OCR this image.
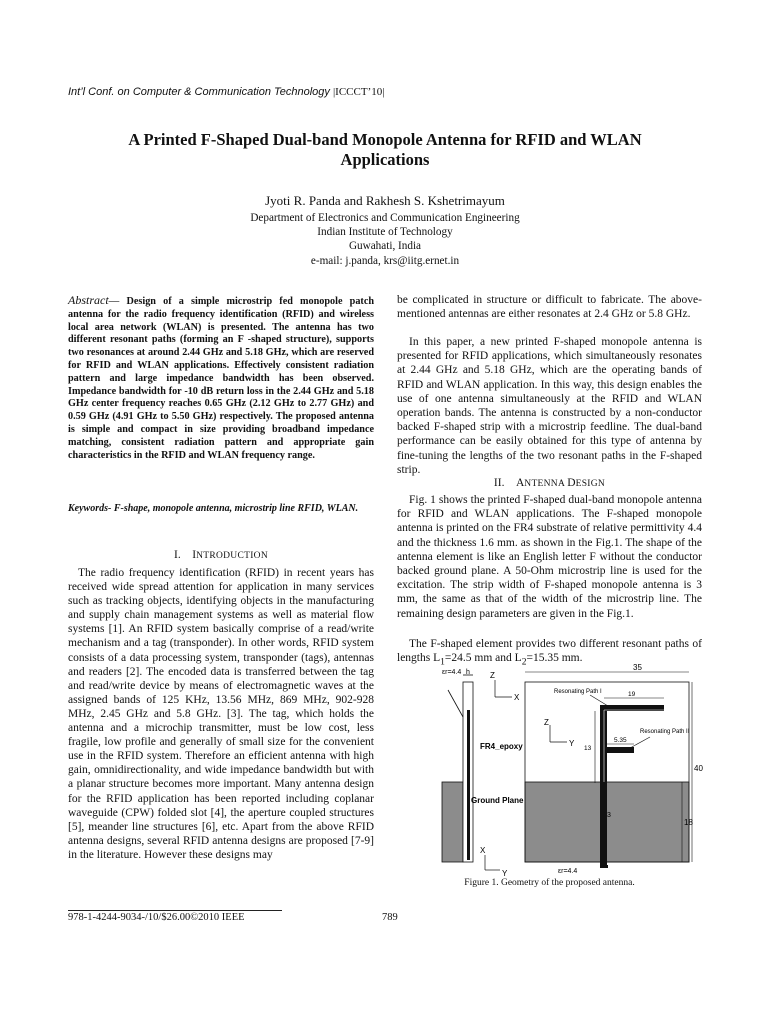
Int’l Conf. on Computer & Communication Technology |ICCCT’10|
A Printed F-Shaped Dual-band Monopole Antenna for RFID and WLAN
Applications
Jyoti R. Panda and Rakhesh S. Kshetrimayum
Department of Electronics and Communication Engineering
Indian Institute of Technology
Guwahati, India
e-mail: j.panda, krs@iitg.ernet.in
Abstract— Design of a simple microstrip fed monopole patch antenna for the radio frequency identification (RFID) and wireless local area network (WLAN) is presented. The antenna has two different resonant paths (forming an F -shaped structure), supports two resonances at around 2.44 GHz and 5.18 GHz, which are reserved for RFID and WLAN applications. Effectively consistent radiation pattern and large impedance bandwidth has been observed. Impedance bandwidth for -10 dB return loss in the 2.44 GHz and 5.18 GHz center frequency reaches 0.65 GHz (2.12 GHz to 2.77 GHz) and 0.59 GHz (4.91 GHz to 5.50 GHz) respectively. The proposed antenna is simple and compact in size providing broadband impedance matching, consistent radiation pattern and appropriate gain characteristics in the RFID and WLAN frequency range.
Keywords- F-shape, monopole antenna, microstrip line RFID, WLAN.
I. INTRODUCTION
The radio frequency identification (RFID) in recent years has received wide spread attention for application in many services such as tracking objects, identifying objects in the manufacturing and supply chain management systems as well as material flow systems [1]. An RFID system basically comprise of a read/write mechanism and a tag (transponder). In other words, RFID system consists of a data processing system, transponder (tags), antennas and readers [2]. The encoded data is transferred between the tag and read/write device by means of electromagnetic waves at the assigned bands of 125 KHz, 13.56 MHz, 869 MHz, 902-928 MHz, 2.45 GHz and 5.8 GHz. [3]. The tag, which holds the antenna and a microchip transmitter, must be low cost, less fragile, low profile and generally of small size for the convenient use in the RFID system. Therefore an efficient antenna with high gain, omnidirectionality, and wide impedance bandwidth but with a planar structure becomes more important. Many antenna design for the RFID application has been reported including coplanar waveguide (CPW) folded slot [4], the aperture coupled structures [5], meander line structures [6], etc. Apart from the above RFID antenna designs, several RFID antenna designs are proposed [7-9] in the literature. However these designs may
be complicated in structure or difficult to fabricate. The above-mentioned antennas are either resonates at 2.4 GHz or 5.8 GHz.
In this paper, a new printed F-shaped monopole antenna is presented for RFID applications, which simultaneously resonates at 2.44 GHz and 5.18 GHz, which are the operating bands of RFID and WLAN application. In this way, this design enables the use of one antenna simultaneously at the RFID and WLAN operation bands. The antenna is constructed by a non-conductor backed F-shaped strip with a microstrip feedline. The dual-band performance can be easily obtained for this type of antenna by fine-tuning the lengths of the two resonant paths in the F-shaped strip.
II. ANTENNA DESIGN
Fig. 1 shows the printed F-shaped dual-band monopole antenna for RFID and WLAN applications. The F-shaped monopole antenna is printed on the FR4 substrate of relative permittivity 4.4 and the thickness 1.6 mm. as shown in the Fig.1. The shape of the antenna element is like an English letter F without the conductor backed ground plane. A 50-Ohm microstrip line is used for the excitation. The strip width of F-shaped monopole antenna is 3 mm, the same as that of the width of the microstrip line. The remaining design parameters are given in the Fig.1.
The F-shaped element provides two different resonant paths of lengths $L_1=24.5$ mm and $L_2=15.35$ mm.
εr=4.4 h	Z
X
35
Resonating Path I	19
Z
Y
Resonating Path II
5.35
13
FR4_epoxy
40
Ground Plane
3
18
X
Y	εr=4.4
Figure 1. Geometry of the proposed antenna.
978-1-4244-9034-/10/$26.00©2010 IEEE	789
